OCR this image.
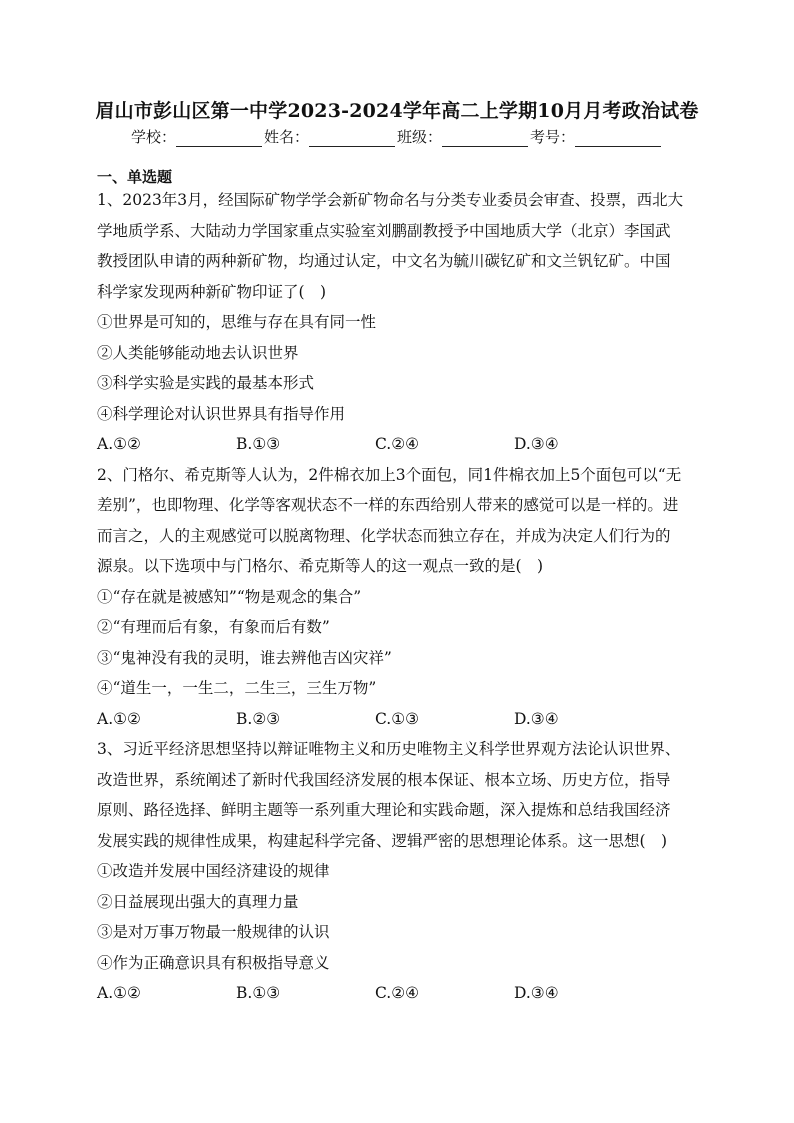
眉山市彭山区第一中学2023-2024学年高二上学期10月月考政治试卷
学校：	姓名：	班级：	考号：
一、单选题
1、2023年3月，经国际矿物学学会新矿物命名与分类专业委员会审查、投票，西北大
学地质学系、大陆动力学国家重点实验室刘鹏副教授予中国地质大学（北京）李国武
教授团队申请的两种新矿物，均通过认定，中文名为毓川碳钇矿和文兰钒钇矿。中国
科学家发现两种新矿物印证了(　)
①世界是可知的，思维与存在具有同一性
②人类能够能动地去认识世界
③科学实验是实践的最基本形式
④科学理论对认识世界具有指导作用
A.①②	B.①③	C.②④	D.③④
2、门格尔、希克斯等人认为，2件棉衣加上3个面包，同1件棉衣加上5个面包可以“无
差别”，也即物理、化学等客观状态不一样的东西给别人带来的感觉可以是一样的。进
而言之，人的主观感觉可以脱离物理、化学状态而独立存在，并成为决定人们行为的
源泉。以下选项中与门格尔、希克斯等人的这一观点一致的是(　)
①“存在就是被感知”“物是观念的集合”
②“有理而后有象，有象而后有数”
③“鬼神没有我的灵明，谁去辨他吉凶灾祥”
④“道生一，一生二，二生三，三生万物”
A.①②	B.②③	C.①③	D.③④
3、习近平经济思想坚持以辩证唯物主义和历史唯物主义科学世界观方法论认识世界、
改造世界，系统阐述了新时代我国经济发展的根本保证、根本立场、历史方位，指导
原则、路径选择、鲜明主题等一系列重大理论和实践命题，深入提炼和总结我国经济
发展实践的规律性成果，构建起科学完备、逻辑严密的思想理论体系。这一思想(　)
①改造并发展中国经济建设的规律
②日益展现出强大的真理力量
③是对万事万物最一般规律的认识
④作为正确意识具有积极指导意义
A.①②	B.①③	C.②④	D.③④
